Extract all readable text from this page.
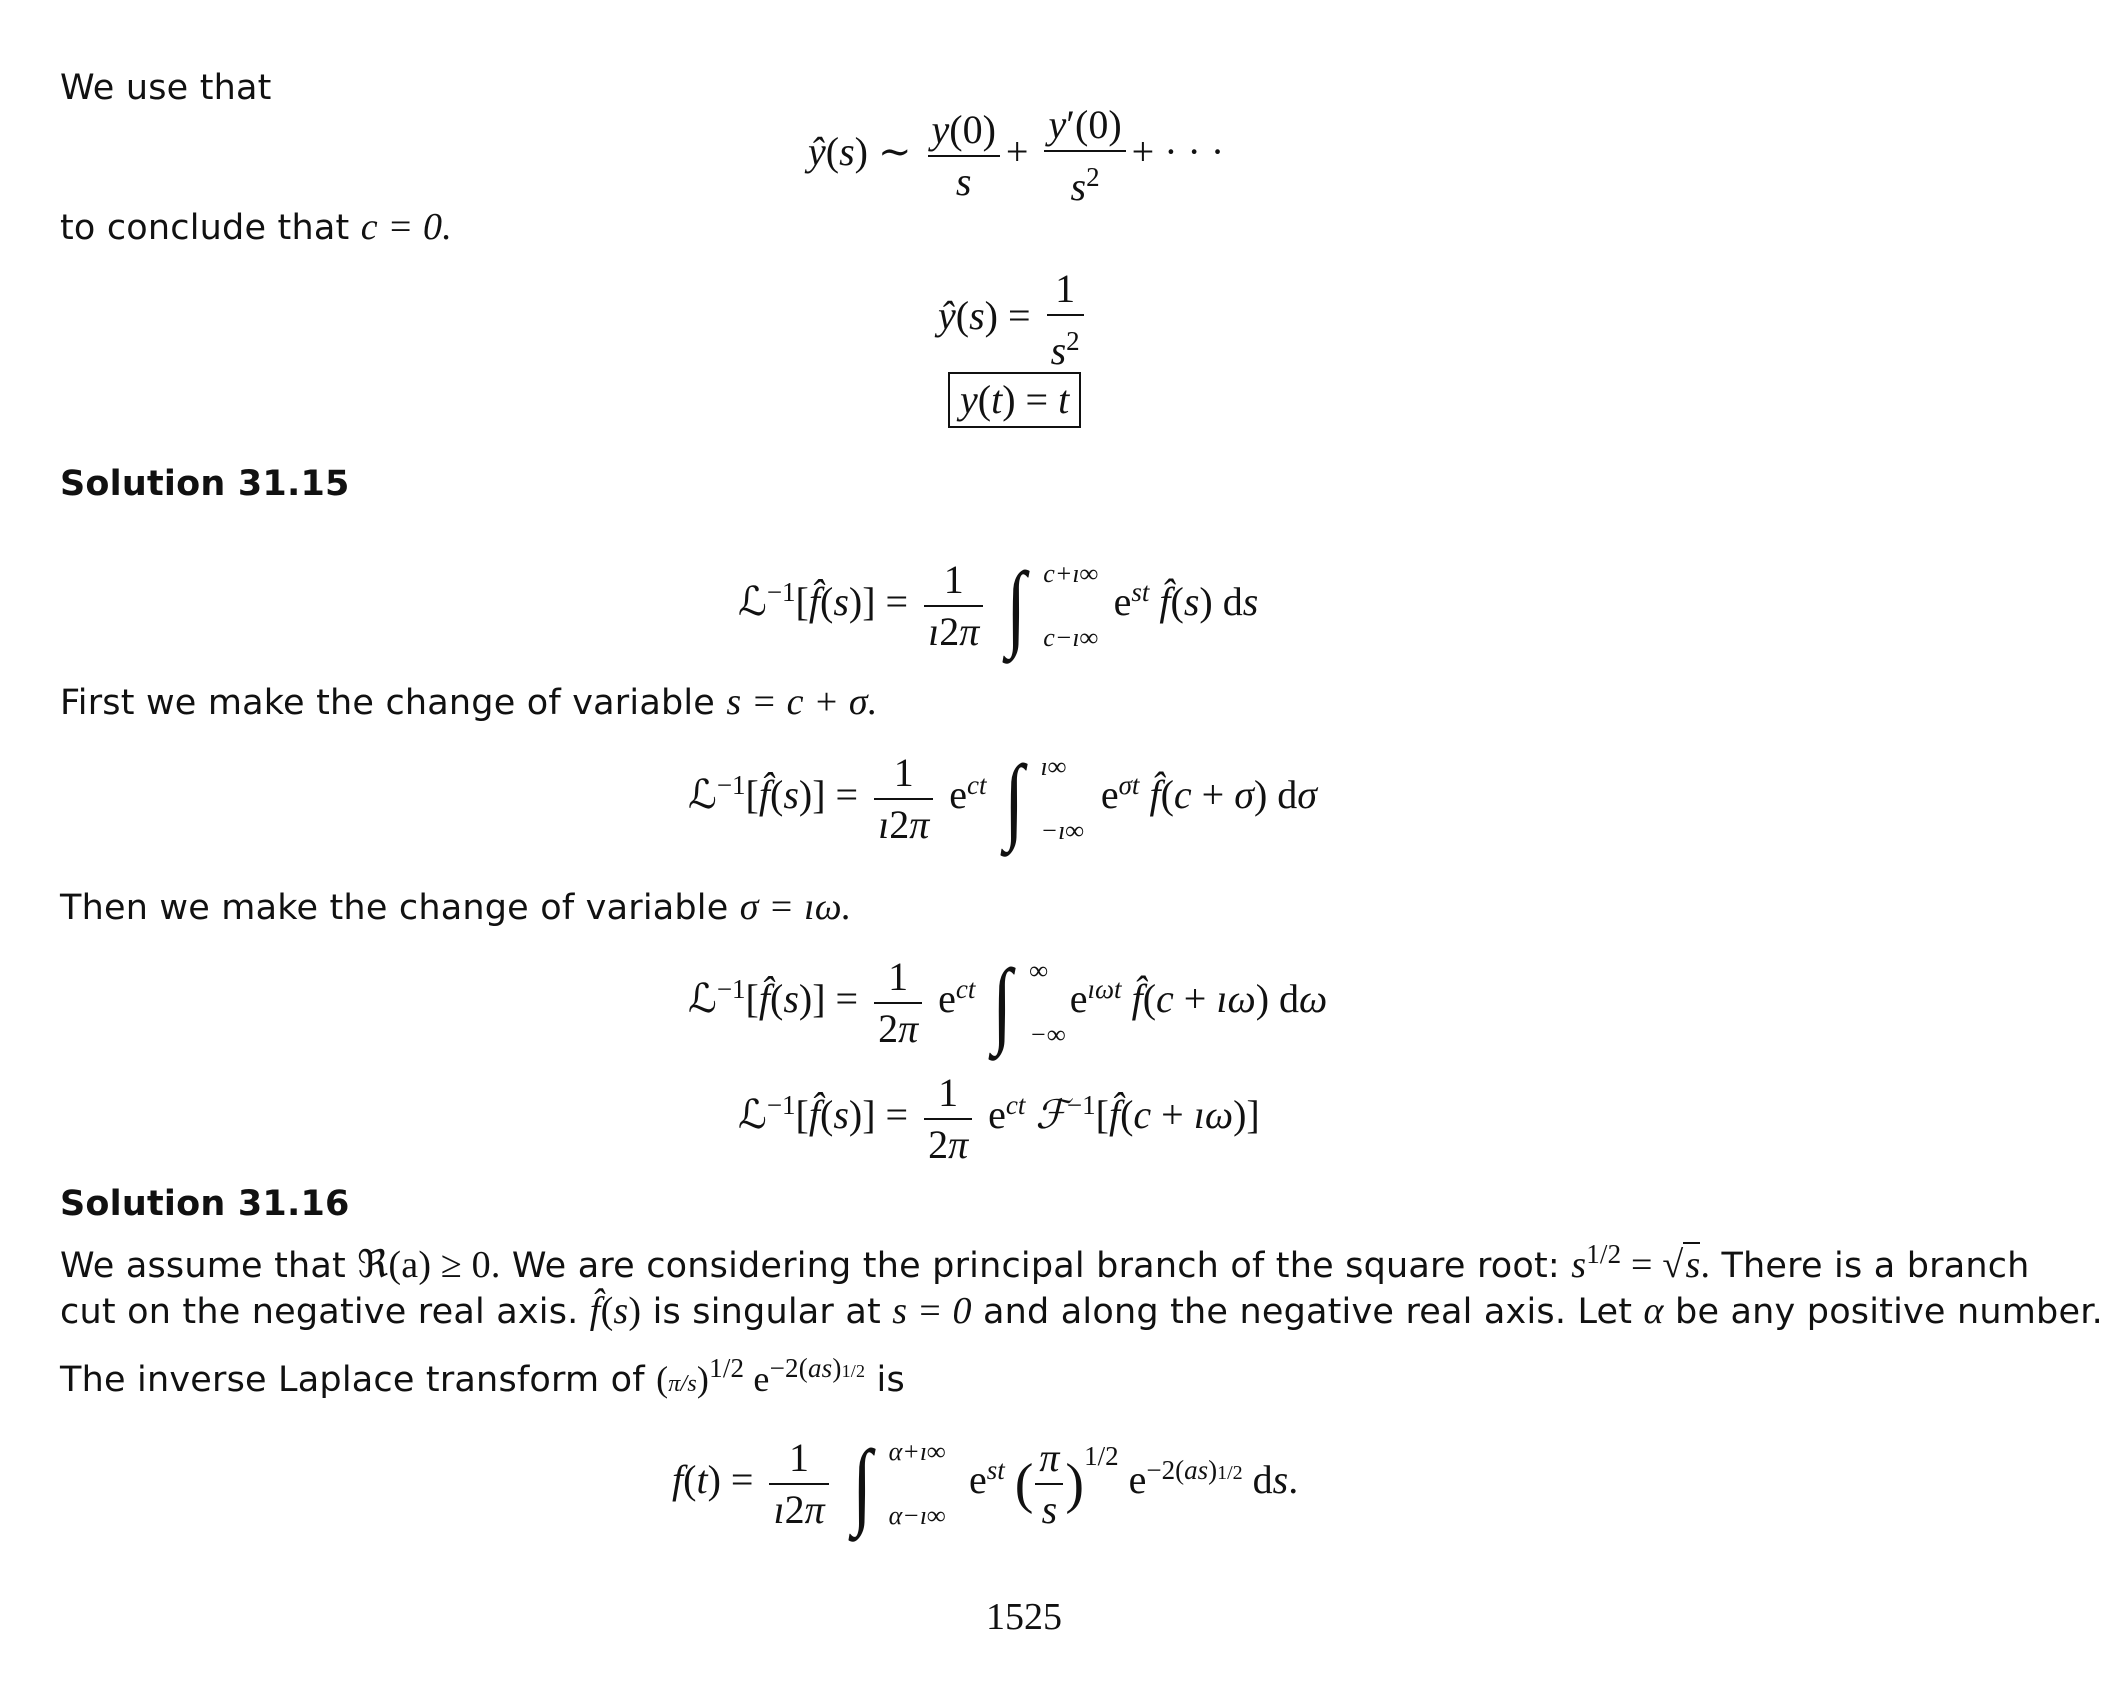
We use that
ŷ(s) ∼ $\frac{y(0)}{s} + \frac{y'(0)}{s^2}$ + · · ·
to conclude that c = 0.
ŷ(s) = $\frac{1}{s^2}$
y(t) = t
Solution 31.15
ℒ$^{-1}$[f̂(s)] = $\frac{1}{ı2\pi}$
∫ c+ı∞
c−ı∞
$e^{st}$ f̂(s) ds
First we make the change of variable s = c + σ.
ℒ$^{-1}$[f̂(s)] = $\frac{1}{ı2\pi} e^{ct}$ ∫ ı∞
−ı∞
$e^{\sigma t}$ f̂(c + σ) dσ
Then we make the change of variable σ = ıω.
ℒ$^{-1}$[f̂(s)] = $\frac{1}{2\pi} e^{ct}$ ∫ ∞
−∞
$e^{ı\omega t}$ f̂(c + ıω) dω
ℒ$^{-1}$[f̂(s)] = $\frac{1}{2\pi} e^{ct}$ ℱ$^{-1}$[f̂(c + ıω)]
Solution 31.16
We assume that ℜ(a) ≥ 0. We are considering the principal branch of the square root: $s^{1/2} = √s$. There is a branch
cut on the negative real axis. f̂(s) is singular at s = 0 and along the negative real axis. Let α be any positive number.
The inverse Laplace transform of $(\pi/s)^{1/2}$ $e^{-2(as)1/2}$ is
$f(t) = \frac{1}{ı2\pi}$
∫ α+ı∞
α−ı∞
$e^{st}$ ( $\frac{\pi}{s} )^{1/2}$ $e^{-2(as)1/2}$ ds.
1525
